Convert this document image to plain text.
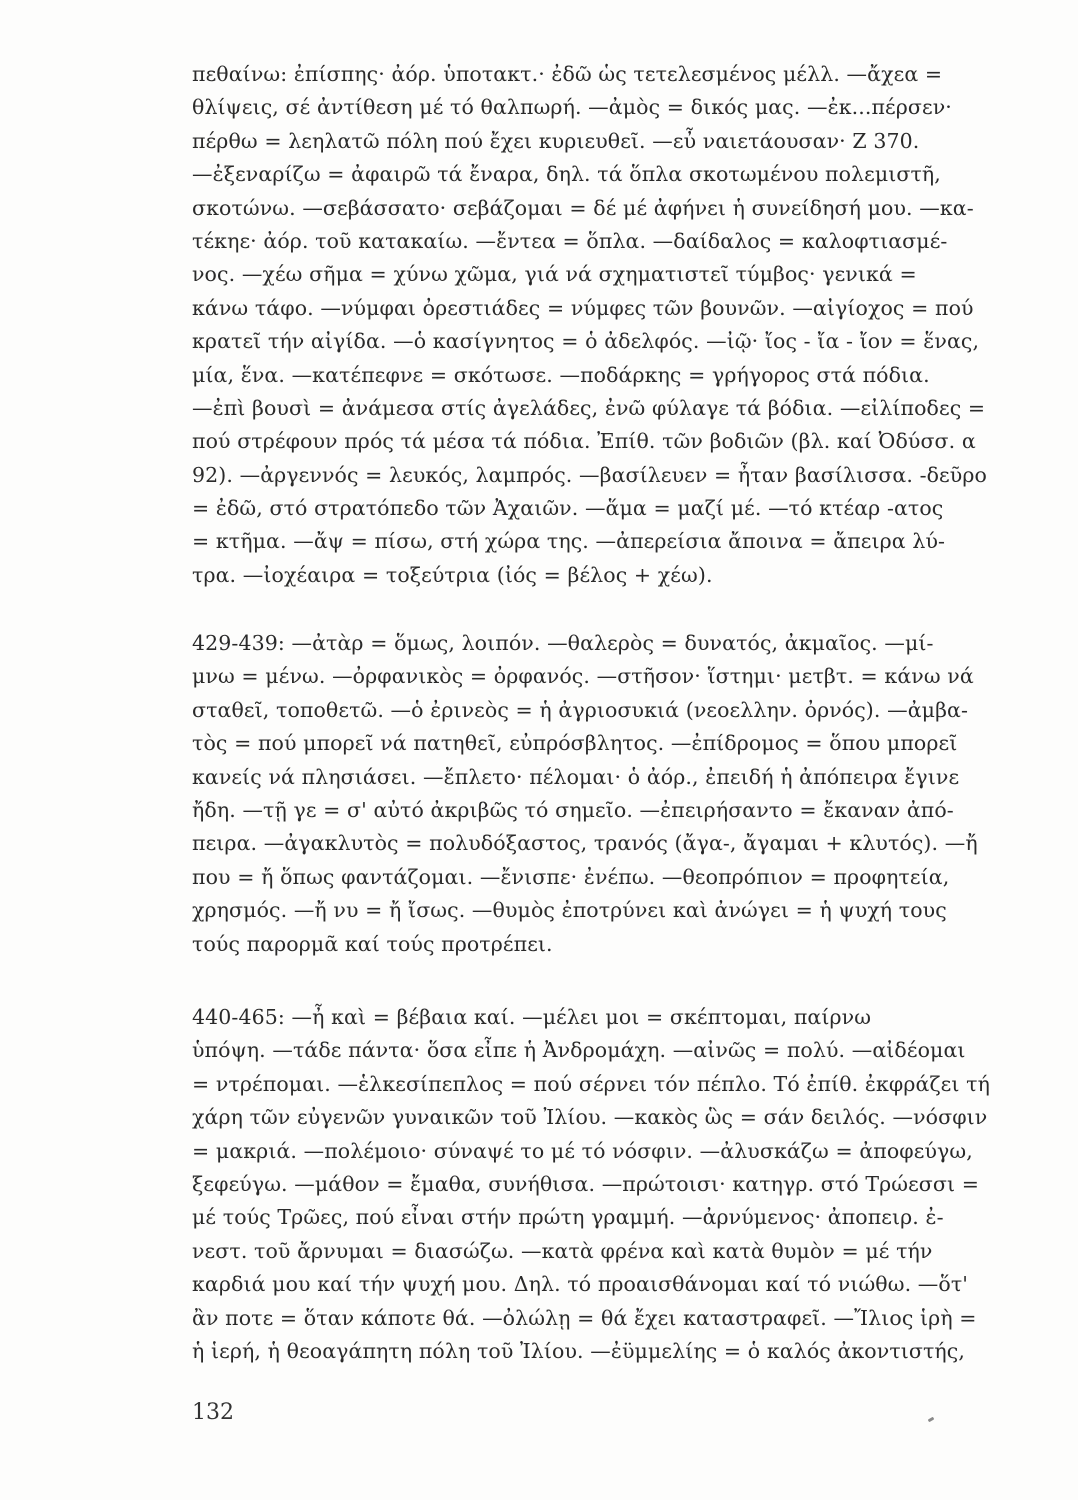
πεθαίνω: ἐπίσπης· ἀόρ. ὑποτακτ.· ἐδῶ ὡς τετελεσμένος μέλλ. —ἄχεα =
θλίψεις, σέ ἀντίθεση μέ τό θαλπωρή. —ἀμὸς = δικός μας. —ἐκ...πέρσεν·
πέρθω = λεηλατῶ πόλη πού ἔχει κυριευθεῖ. —εὖ ναιετάουσαν· Ζ 370.
—ἐξεναρίζω = ἀφαιρῶ τά ἔναρα, δηλ. τά ὅπλα σκοτωμένου πολεμιστῆ,
σκοτώνω. —σεβάσσατο· σεβάζομαι = δέ μέ ἀφήνει ἡ συνείδησή μου. —κα-
τέκηε· ἀόρ. τοῦ κατακαίω. —ἔντεα = ὅπλα. —δαίδαλος = καλοφτιασμέ-
νος. —χέω σῆμα = χύνω χῶμα, γιά νά σχηματιστεῖ τύμβος· γενικά =
κάνω τάφο. —νύμφαι ὀρεστιάδες = νύμφες τῶν βουνῶν. —αἰγίοχος = πού
κρατεῖ τήν αἰγίδα. —ὁ κασίγνητος = ὁ ἀδελφός. —ἰῷ· ἴος - ἴα - ἴον = ἕνας,
μία, ἕνα. —κατέπεφνε = σκότωσε. —ποδάρκης = γρήγορος στά πόδια.
—ἐπὶ βουσὶ = ἀνάμεσα στίς ἀγελάδες, ἐνῶ φύλαγε τά βόδια. —εἰλίποδες =
πού στρέφουν πρός τά μέσα τά πόδια. Ἐπίθ. τῶν βοδιῶν (βλ. καί Ὀδύσσ. α
92). —ἀργεννός = λευκός, λαμπρός. —βασίλευεν = ἦταν βασίλισσα. -δεῦρο
= ἐδῶ, στό στρατόπεδο τῶν Ἀχαιῶν. —ἅμα = μαζί μέ. —τό κτέαρ -ατος
= κτῆμα. —ἄψ = πίσω, στή χώρα της. —ἀπερείσια ἄποινα = ἄπειρα λύ-
τρα. —ἰοχέαιρα = τοξεύτρια (ἰός = βέλος + χέω).
429-439: —ἀτὰρ = ὅμως, λοιπόν. —θαλερὸς = δυνατός, ἀκμαῖος. —μί-
μνω = μένω. —ὀρφανικὸς = ὀρφανός. —στῆσον· ἵστημι· μετβτ. = κάνω νά
σταθεῖ, τοποθετῶ. —ὁ ἐρινεὸς = ἡ ἀγριοσυκιά (νεοελλην. ὀρνός). —ἀμβα-
τὸς = πού μπορεῖ νά πατηθεῖ, εὐπρόσβλητος. —ἐπίδρομος = ὅπου μπορεῖ
κανείς νά πλησιάσει. —ἔπλετο· πέλομαι· ὁ ἀόρ., ἐπειδή ἡ ἀπόπειρα ἔγινε
ἤδη. —τῇ γε = σ' αὐτό ἀκριβῶς τό σημεῖο. —ἐπειρήσαντο = ἔκαναν ἀπό-
πειρα. —ἀγακλυτὸς = πολυδόξαστος, τρανός (ἄγα-, ἄγαμαι + κλυτός). —ἤ
που = ἤ ὅπως φαντάζομαι. —ἔνισπε· ἐνέπω. —θεοπρόπιον = προφητεία,
χρησμός. —ἤ νυ = ἤ ἴσως. —θυμὸς ἐποτρύνει καὶ ἀνώγει = ἡ ψυχή τους
τούς παρορμᾶ καί τούς προτρέπει.
440-465: —ἦ καὶ = βέβαια καί. —μέλει μοι = σκέπτομαι, παίρνω
ὑπόψη. —τάδε πάντα· ὅσα εἶπε ἡ Ἀνδρομάχη. —αἰνῶς = πολύ. —αἰδέομαι
= ντρέπομαι. —ἑλκεσίπεπλος = πού σέρνει τόν πέπλο. Τό ἐπίθ. ἐκφράζει τή
χάρη τῶν εὐγενῶν γυναικῶν τοῦ Ἰλίου. —κακὸς ὣς = σάν δειλός. —νόσφιν
= μακριά. —πολέμοιο· σύναψέ το μέ τό νόσφιν. —ἀλυσκάζω = ἀποφεύγω,
ξεφεύγω. —μάθον = ἔμαθα, συνήθισα. —πρώτοισι· κατηγρ. στό Τρώεσσι =
μέ τούς Τρῶες, πού εἶναι στήν πρώτη γραμμή. —ἀρνύμενος· ἀποπειρ. ἐ-
νεστ. τοῦ ἄρνυμαι = διασώζω. —κατὰ φρένα καὶ κατὰ θυμὸν = μέ τήν
καρδιά μου καί τήν ψυχή μου. Δηλ. τό προαισθάνομαι καί τό νιώθω. —ὅτ'
ἂν ποτε = ὅταν κάποτε θά. —ὀλώλῃ = θά ἔχει καταστραφεῖ. —Ἴλιος ἱρὴ =
ἡ ἱερή, ἡ θεοαγάπητη πόλη τοῦ Ἰλίου. —ἐϋμμελίης = ὁ καλός ἀκοντιστής,
132
